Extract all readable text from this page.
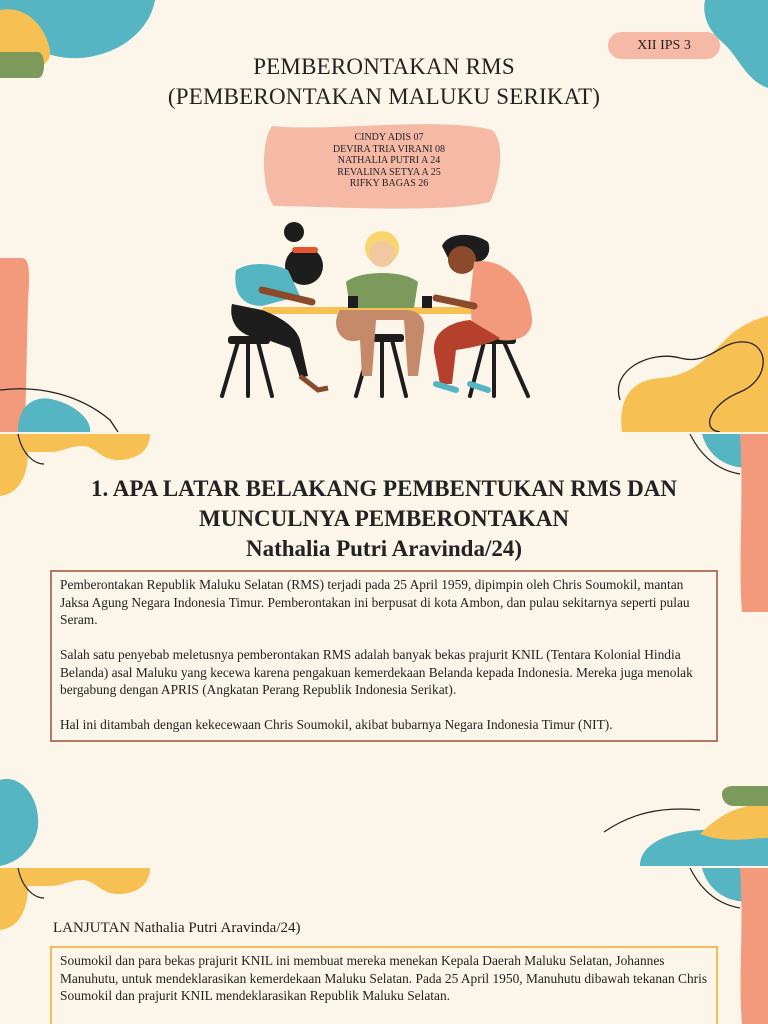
XII IPS 3
PEMBERONTAKAN RMS
(PEMBERONTAKAN MALUKU SERIKAT)
CINDY ADIS 07
DEVIRA TRIA VIRANI 08
NATHALIA PUTRI A 24
REVALINA SETYA A 25
RIFKY BAGAS 26
1. APA LATAR BELAKANG PEMBENTUKAN RMS DAN
MUNCULNYA PEMBERONTAKAN
Nathalia Putri Aravinda/24)

Pemberontakan Republik Maluku Selatan (RMS) terjadi pada 25 April 1959, dipimpin oleh Chris Soumokil, mantan Jaksa Agung Negara Indonesia Timur. Pemberontakan ini berpusat di kota Ambon, dan pulau sekitarnya seperti pulau Seram.

Salah satu penyebab meletusnya pemberontakan RMS adalah banyak bekas prajurit KNIL (Tentara Kolonial Hindia Belanda) asal Maluku yang kecewa karena pengakuan kemerdekaan Belanda kepada Indonesia. Mereka juga menolak bergabung dengan APRIS (Angkatan Perang Republik Indonesia Serikat).

Hal ini ditambah dengan kekecewaan Chris Soumokil, akibat bubarnya Negara Indonesia Timur (NIT).

LANJUTAN Nathalia Putri Aravinda/24)

Soumokil dan para bekas prajurit KNIL ini membuat mereka menekan Kepala Daerah Maluku Selatan, Johannes Manuhutu, untuk mendeklarasikan kemerdekaan Maluku Selatan. Pada 25 April 1950, Manuhutu dibawah tekanan Chris Soumokil dan prajurit KNIL mendeklarasikan Republik Maluku Selatan.
